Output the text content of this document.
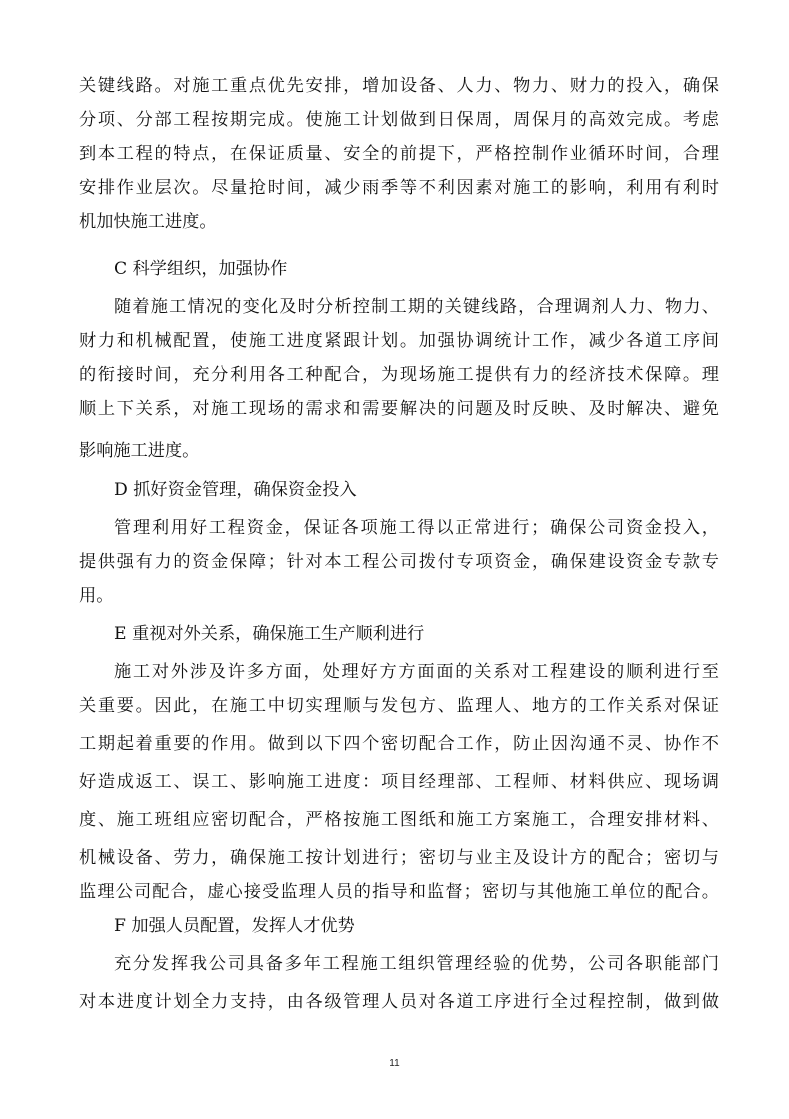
关键线路。对施工重点优先安排，增加设备、人力、物力、财力的投入，确保
分项、分部工程按期完成。使施工计划做到日保周，周保月的高效完成。考虑
到本工程的特点，在保证质量、安全的前提下，严格控制作业循环时间，合理
安排作业层次。尽量抢时间，减少雨季等不利因素对施工的影响，利用有利时
机加快施工进度。
C 科学组织，加强协作
随着施工情况的变化及时分析控制工期的关键线路，合理调剂人力、物力、
财力和机械配置，使施工进度紧跟计划。加强协调统计工作，减少各道工序间
的衔接时间，充分利用各工种配合，为现场施工提供有力的经济技术保障。理
顺上下关系，对施工现场的需求和需要解决的问题及时反映、及时解决、避免
影响施工进度。
D 抓好资金管理，确保资金投入
管理利用好工程资金，保证各项施工得以正常进行；确保公司资金投入，
提供强有力的资金保障；针对本工程公司拨付专项资金，确保建设资金专款专
用。
E 重视对外关系，确保施工生产顺利进行
施工对外涉及许多方面，处理好方方面面的关系对工程建设的顺利进行至
关重要。因此，在施工中切实理顺与发包方、监理人、地方的工作关系对保证
工期起着重要的作用。做到以下四个密切配合工作，防止因沟通不灵、协作不
好造成返工、误工、影响施工进度：项目经理部、工程师、材料供应、现场调
度、施工班组应密切配合，严格按施工图纸和施工方案施工，合理安排材料、
机械设备、劳力，确保施工按计划进行；密切与业主及设计方的配合；密切与
监理公司配合，虚心接受监理人员的指导和监督；密切与其他施工单位的配合。
F 加强人员配置，发挥人才优势
充分发挥我公司具备多年工程施工组织管理经验的优势，公司各职能部门
对本进度计划全力支持，由各级管理人员对各道工序进行全过程控制，做到做
11
